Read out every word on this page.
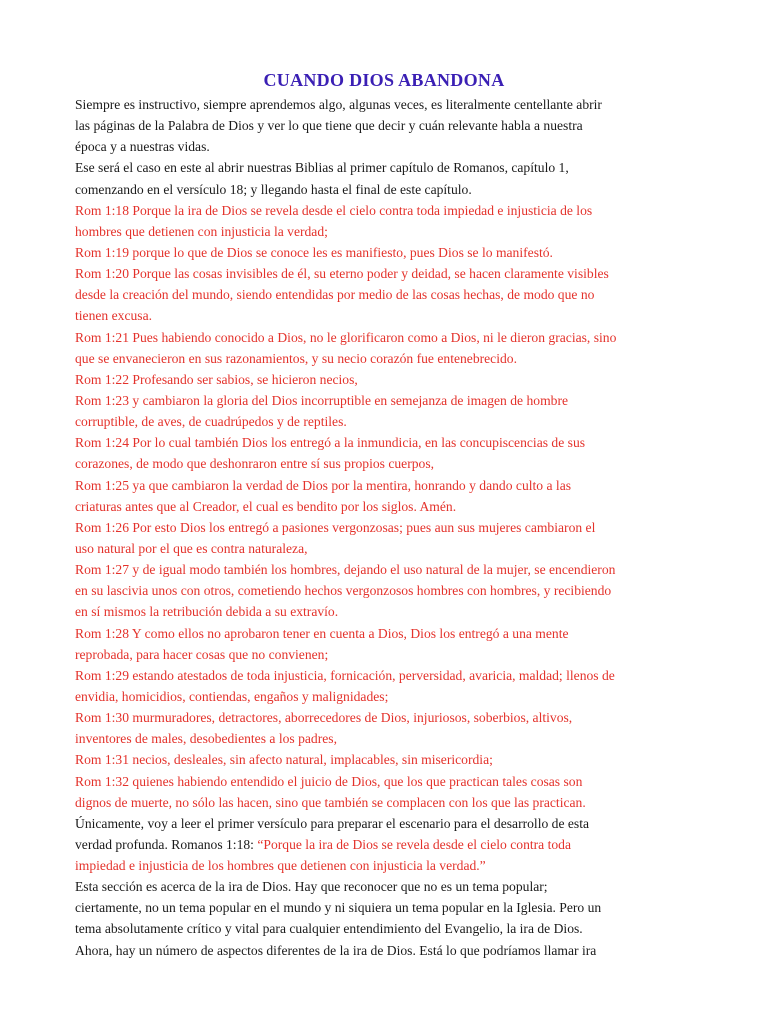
CUANDO DIOS ABANDONA
Siempre es instructivo, siempre aprendemos algo, algunas veces, es literalmente centellante abrir
las páginas de la Palabra de Dios y ver lo que tiene que decir y cuán relevante habla a nuestra
época y a nuestras vidas.
Ese será el caso en este al abrir nuestras Biblias al primer capítulo de Romanos, capítulo 1,
comenzando en el versículo 18; y llegando hasta el final de este capítulo.
Rom 1:18 Porque la ira de Dios se revela desde el cielo contra toda impiedad e injusticia de los
hombres que detienen con injusticia la verdad;
Rom 1:19 porque lo que de Dios se conoce les es manifiesto, pues Dios se lo manifestó.
Rom 1:20 Porque las cosas invisibles de él, su eterno poder y deidad, se hacen claramente visibles
desde la creación del mundo, siendo entendidas por medio de las cosas hechas, de modo que no
tienen excusa.
Rom 1:21 Pues habiendo conocido a Dios, no le glorificaron como a Dios, ni le dieron gracias, sino
que se envanecieron en sus razonamientos, y su necio corazón fue entenebrecido.
Rom 1:22 Profesando ser sabios, se hicieron necios,
Rom 1:23 y cambiaron la gloria del Dios incorruptible en semejanza de imagen de hombre
corruptible, de aves, de cuadrúpedos y de reptiles.
Rom 1:24 Por lo cual también Dios los entregó a la inmundicia, en las concupiscencias de sus
corazones, de modo que deshonraron entre sí sus propios cuerpos,
Rom 1:25 ya que cambiaron la verdad de Dios por la mentira, honrando y dando culto a las
criaturas antes que al Creador, el cual es bendito por los siglos. Amén.
Rom 1:26 Por esto Dios los entregó a pasiones vergonzosas; pues aun sus mujeres cambiaron el
uso natural por el que es contra naturaleza,
Rom 1:27 y de igual modo también los hombres, dejando el uso natural de la mujer, se encendieron
en su lascivia unos con otros, cometiendo hechos vergonzosos hombres con hombres, y recibiendo
en sí mismos la retribución debida a su extravío.
Rom 1:28 Y como ellos no aprobaron tener en cuenta a Dios, Dios los entregó a una mente
reprobada, para hacer cosas que no convienen;
Rom 1:29 estando atestados de toda injusticia, fornicación, perversidad, avaricia, maldad; llenos de
envidia, homicidios, contiendas, engaños y malignidades;
Rom 1:30 murmuradores, detractores, aborrecedores de Dios, injuriosos, soberbios, altivos,
inventores de males, desobedientes a los padres,
Rom 1:31 necios, desleales, sin afecto natural, implacables, sin misericordia;
Rom 1:32 quienes habiendo entendido el juicio de Dios, que los que practican tales cosas son
dignos de muerte, no sólo las hacen, sino que también se complacen con los que las practican.
Únicamente, voy a leer el primer versículo para preparar el escenario para el desarrollo de esta
verdad profunda. Romanos 1:18: “Porque la ira de Dios se revela desde el cielo contra toda
impiedad e injusticia de los hombres que detienen con injusticia la verdad.”
Esta sección es acerca de la ira de Dios. Hay que reconocer que no es un tema popular;
ciertamente, no un tema popular en el mundo y ni siquiera un tema popular en la Iglesia. Pero un
tema absolutamente crítico y vital para cualquier entendimiento del Evangelio, la ira de Dios.
Ahora, hay un número de aspectos diferentes de la ira de Dios. Está lo que podríamos llamar ira
